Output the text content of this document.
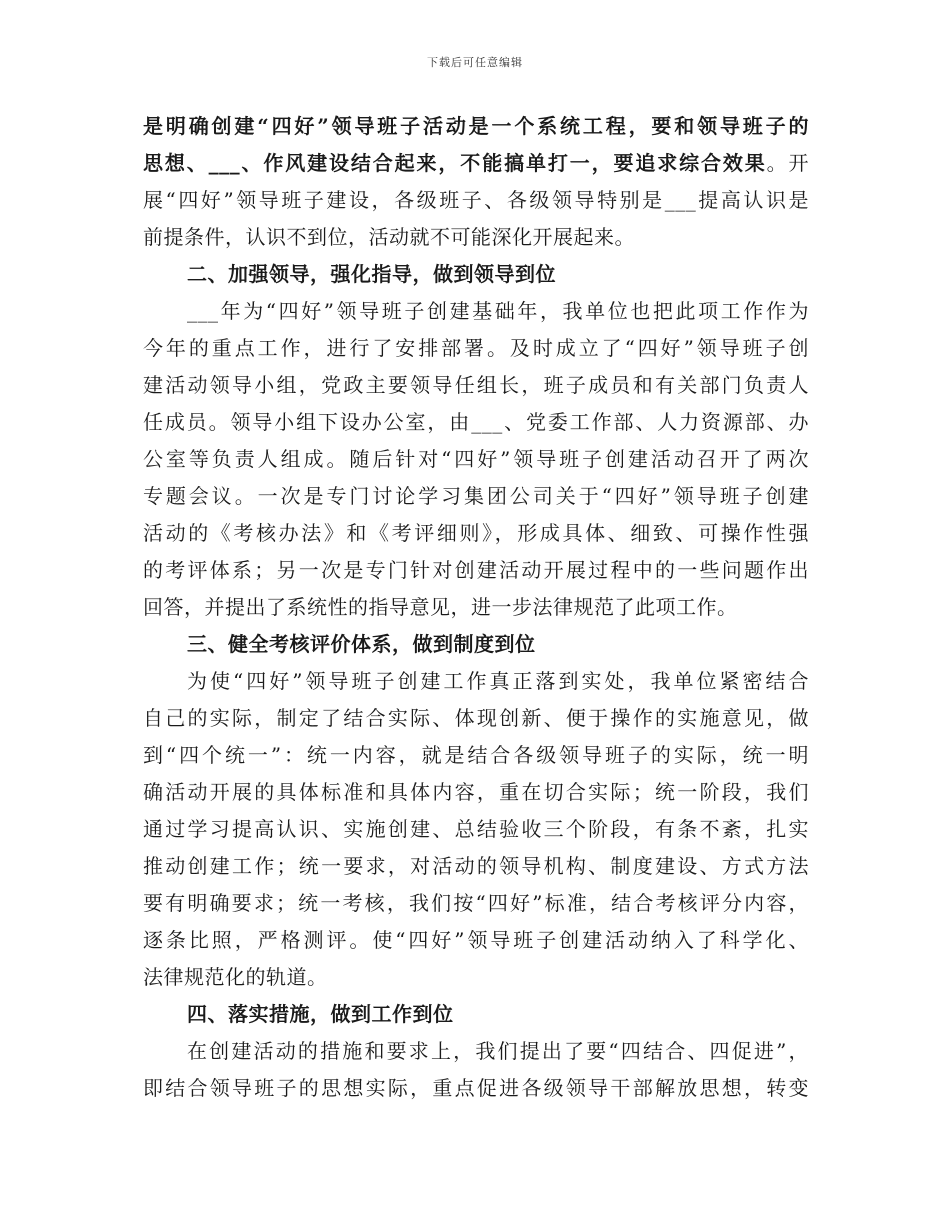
下载后可任意编辑
是明确创建“四好”领导班子活动是一个系统工程，要和领导班子的
思想、___、作风建设结合起来，不能搞单打一，要追求综合效果。开
展“四好”领导班子建设，各级班子、各级领导特别是___提高认识是
前提条件，认识不到位，活动就不可能深化开展起来。
二、加强领导，强化指导，做到领导到位
___年为“四好”领导班子创建基础年，我单位也把此项工作作为
今年的重点工作，进行了安排部署。及时成立了“四好”领导班子创
建活动领导小组，党政主要领导任组长，班子成员和有关部门负责人
任成员。领导小组下设办公室，由___、党委工作部、人力资源部、办
公室等负责人组成。随后针对“四好”领导班子创建活动召开了两次
专题会议。一次是专门讨论学习集团公司关于“四好”领导班子创建
活动的《考核办法》和《考评细则》，形成具体、细致、可操作性强
的考评体系；另一次是专门针对创建活动开展过程中的一些问题作出
回答，并提出了系统性的指导意见，进一步法律规范了此项工作。
三、健全考核评价体系，做到制度到位
为使“四好”领导班子创建工作真正落到实处，我单位紧密结合
自己的实际，制定了结合实际、体现创新、便于操作的实施意见，做
到“四个统一”：统一内容，就是结合各级领导班子的实际，统一明
确活动开展的具体标准和具体内容，重在切合实际；统一阶段，我们
通过学习提高认识、实施创建、总结验收三个阶段，有条不紊，扎实
推动创建工作；统一要求，对活动的领导机构、制度建设、方式方法
要有明确要求；统一考核，我们按“四好”标准，结合考核评分内容，
逐条比照，严格测评。使“四好”领导班子创建活动纳入了科学化、
法律规范化的轨道。
四、落实措施，做到工作到位
在创建活动的措施和要求上，我们提出了要“四结合、四促进”，
即结合领导班子的思想实际，重点促进各级领导干部解放思想，转变
